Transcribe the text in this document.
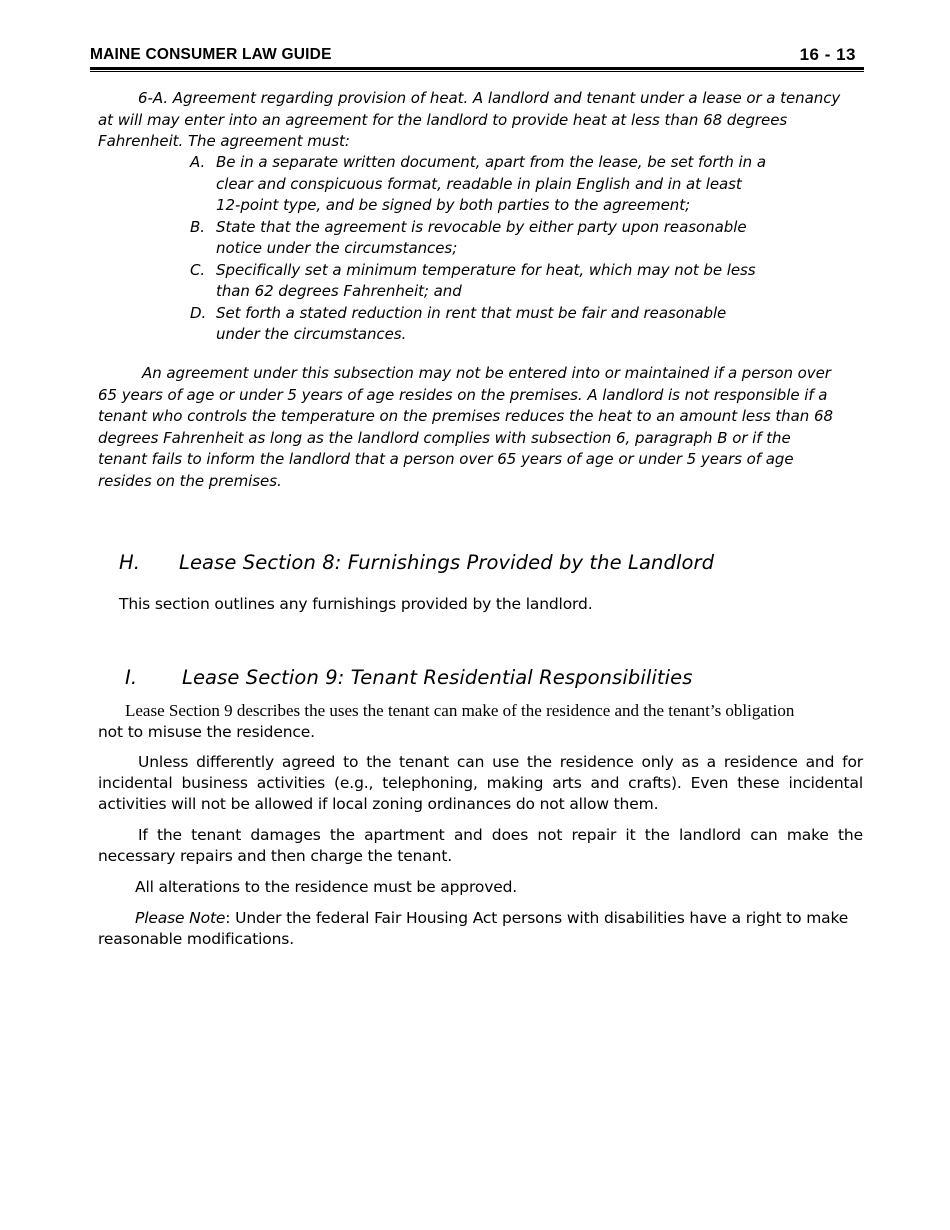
MAINE CONSUMER LAW GUIDE	16 - 13

6-A. Agreement regarding provision of heat. A landlord and tenant under a lease or a tenancy at will may enter into an agreement for the landlord to provide heat at less than 68 degrees Fahrenheit. The agreement must:

A. Be in a separate written document, apart from the lease, be set forth in a clear and conspicuous format, readable in plain English and in at least 12-point type, and be signed by both parties to the agreement;
B. State that the agreement is revocable by either party upon reasonable notice under the circumstances;
C. Specifically set a minimum temperature for heat, which may not be less than 62 degrees Fahrenheit; and
D. Set forth a stated reduction in rent that must be fair and reasonable under the circumstances.

An agreement under this subsection may not be entered into or maintained if a person over 65 years of age or under 5 years of age resides on the premises. A landlord is not responsible if a tenant who controls the temperature on the premises reduces the heat to an amount less than 68 degrees Fahrenheit as long as the landlord complies with subsection 6, paragraph B or if the tenant fails to inform the landlord that a person over 65 years of age or under 5 years of age resides on the premises.

H. Lease Section 8: Furnishings Provided by the Landlord
This section outlines any furnishings provided by the landlord.
I. Lease Section 9: Tenant Residential Responsibilities
Lease Section 9 describes the uses the tenant can make of the residence and the tenant’s obligation
not to misuse the residence.

Unless differently agreed to the tenant can use the residence only as a residence and for incidental business activities (e.g., telephoning, making arts and crafts). Even these incidental activities will not be allowed if local zoning ordinances do not allow them.

If the tenant damages the apartment and does not repair it the landlord can make the necessary repairs and then charge the tenant.

All alterations to the residence must be approved.

Please Note: Under the federal Fair Housing Act persons with disabilities have a right to make reasonable modifications.
